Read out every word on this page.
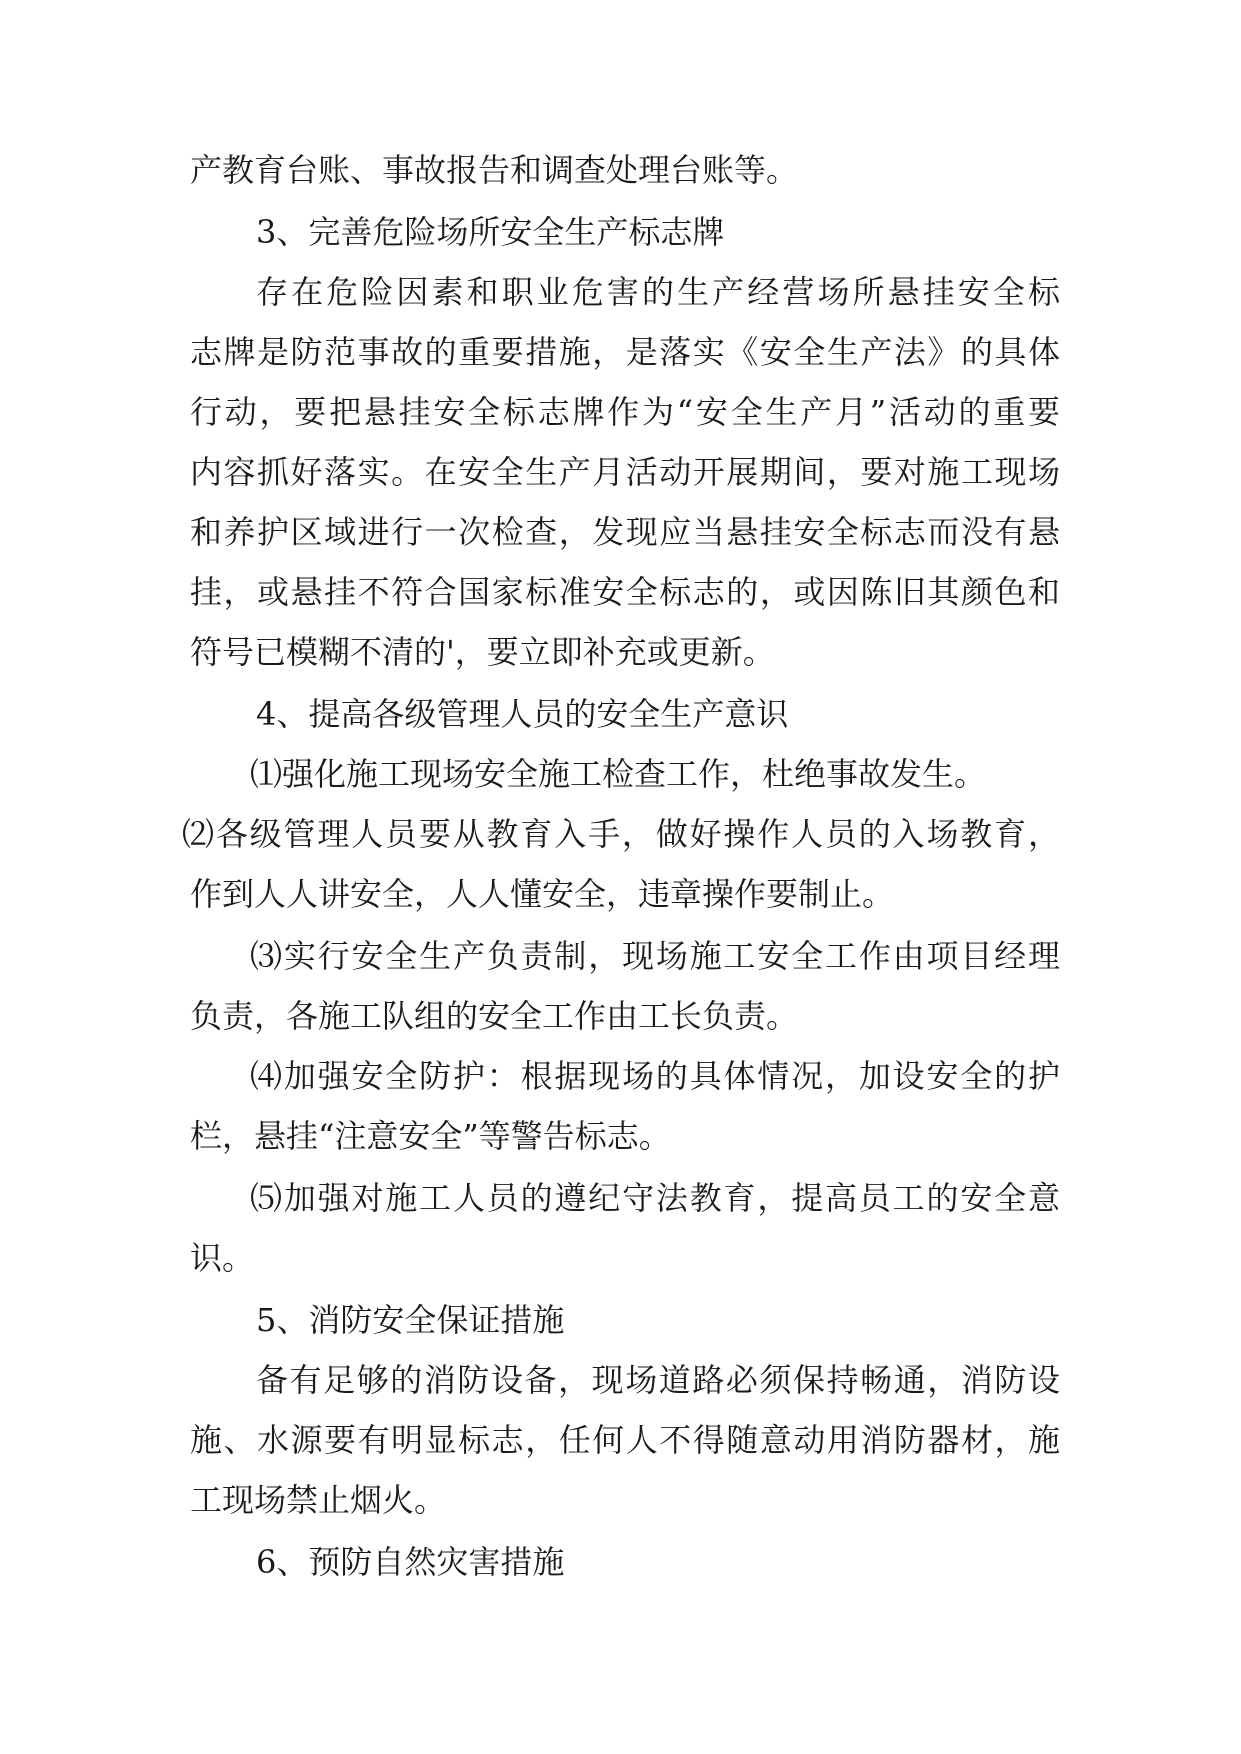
产教育台账、事故报告和调查处理台账等。
3、完善危险场所安全生产标志牌
存在危险因素和职业危害的生产经营场所悬挂安全标
志牌是防范事故的重要措施，是落实《安全生产法》的具体
行动，要把悬挂安全标志牌作为“安全生产月”活动的重要
内容抓好落实。在安全生产月活动开展期间，要对施工现场
和养护区域进行一次检查，发现应当悬挂安全标志而没有悬
挂，或悬挂不符合国家标准安全标志的，或因陈旧其颜色和
符号已模糊不清的'，要立即补充或更新。
4、提高各级管理人员的安全生产意识
⑴强化施工现场安全施工检查工作，杜绝事故发生。
⑵各级管理人员要从教育入手，做好操作人员的入场教育，
作到人人讲安全，人人懂安全，违章操作要制止。
⑶实行安全生产负责制，现场施工安全工作由项目经理
负责，各施工队组的安全工作由工长负责。
⑷加强安全防护：根据现场的具体情况，加设安全的护
栏，悬挂“注意安全”等警告标志。
⑸加强对施工人员的遵纪守法教育，提高员工的安全意
识。
5、消防安全保证措施
备有足够的消防设备，现场道路必须保持畅通，消防设
施、水源要有明显标志，任何人不得随意动用消防器材，施
工现场禁止烟火。
6、预防自然灾害措施
